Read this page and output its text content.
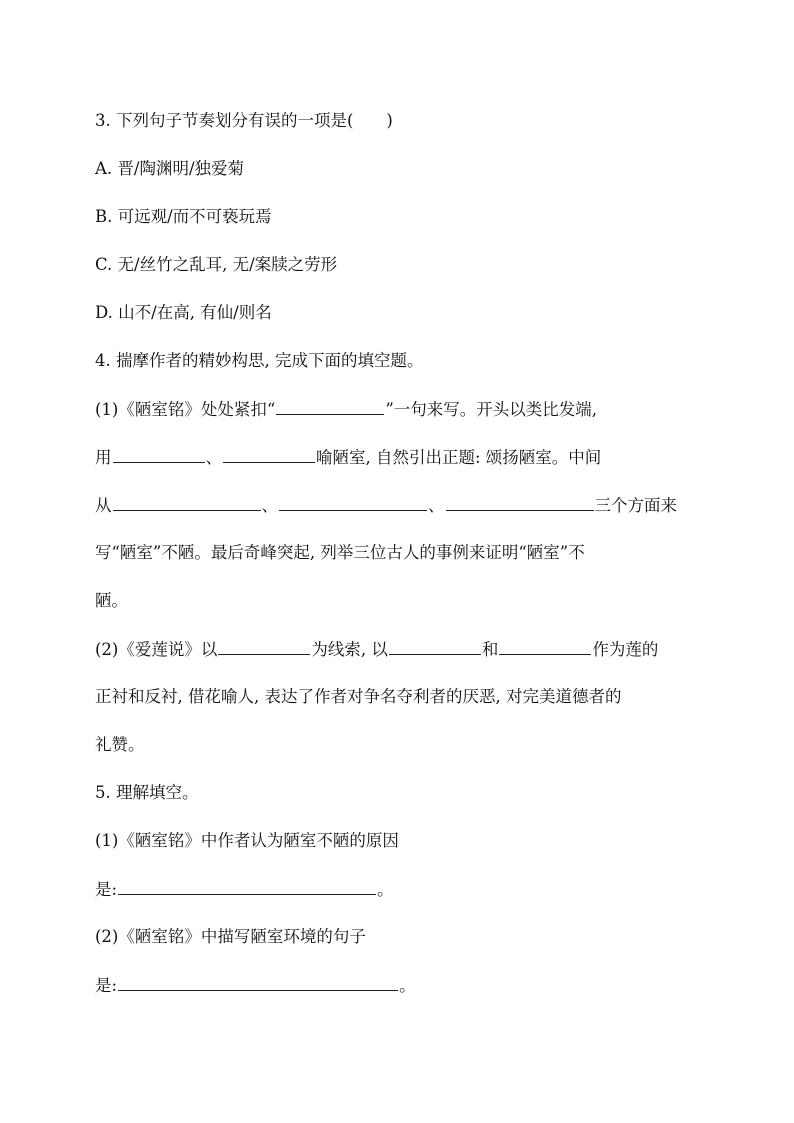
3. 下列句子节奏划分有误的一项是(　　)
A. 晋/陶渊明/独爱菊
B. 可远观/而不可亵玩焉
C. 无/丝竹之乱耳, 无/案牍之劳形
D. 山不/在高, 有仙/则名
4. 揣摩作者的精妙构思, 完成下面的填空题。
(1)《陋室铭》处处紧扣“	”一句来写。开头以类比发端,
用	、	喻陋室, 自然引出正题: 颂扬陋室。中间
从	、	、	三个方面来
写“陋室”不陋。最后奇峰突起, 列举三位古人的事例来证明“陋室”不
陋。
(2)《爱莲说》以	为线索, 以	和	作为莲的
正衬和反衬, 借花喻人, 表达了作者对争名夺利者的厌恶, 对完美道德者的
礼赞。
5. 理解填空。
(1)《陋室铭》中作者认为陋室不陋的原因
是:	。
(2)《陋室铭》中描写陋室环境的句子
是:	。
